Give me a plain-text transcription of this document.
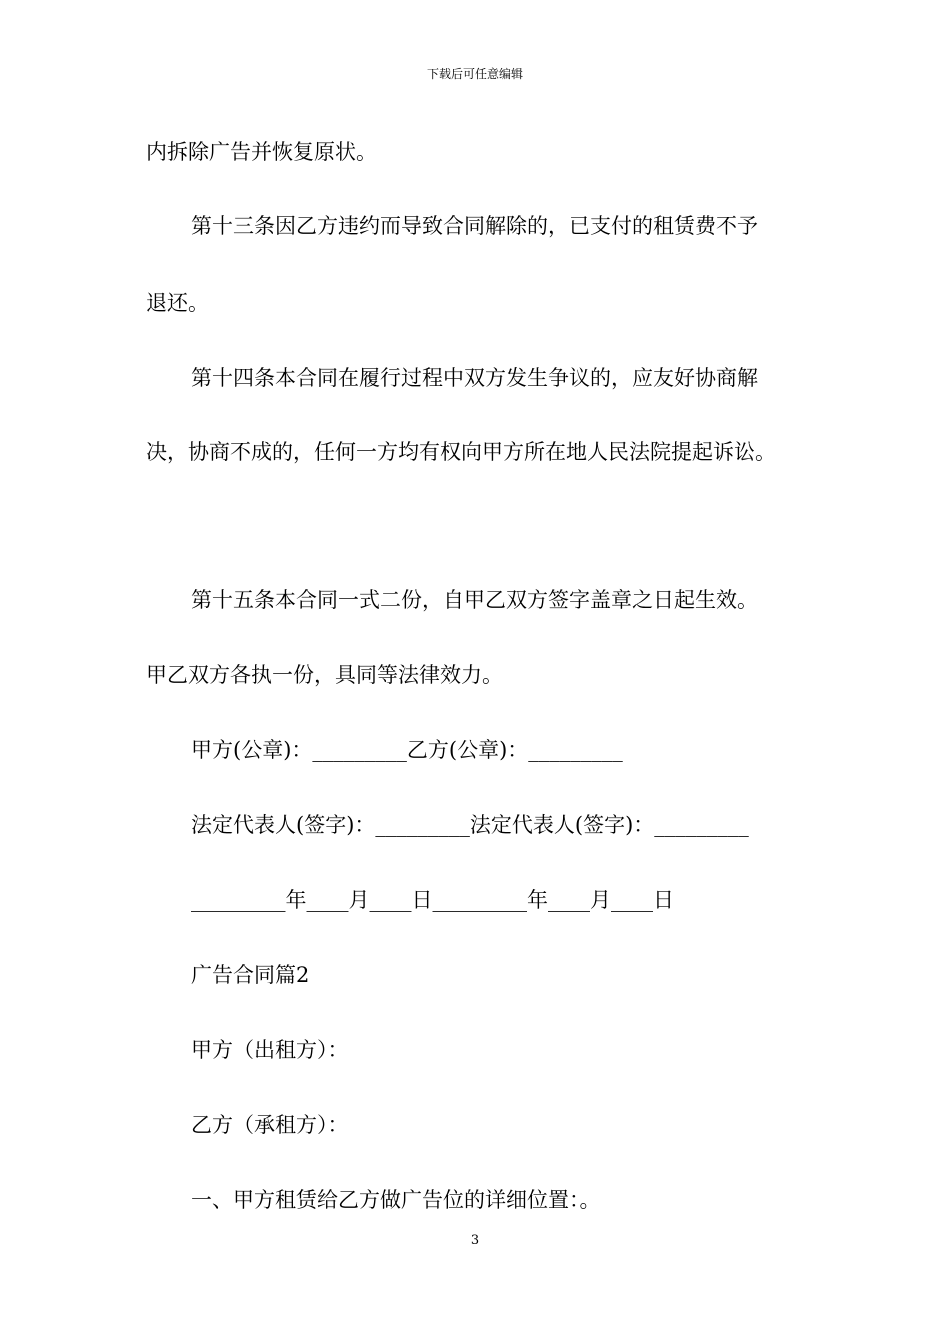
下载后可任意编辑
内拆除广告并恢复原状。
第十三条因乙方违约而导致合同解除的，已支付的租赁费不予
退还。
第十四条本合同在履行过程中双方发生争议的，应友好协商解
决，协商不成的，任何一方均有权向甲方所在地人民法院提起诉讼。
第十五条本合同一式二份，自甲乙双方签字盖章之日起生效。
甲乙双方各执一份，具同等法律效力。
甲方(公章)：_________乙方(公章)：_________
法定代表人(签字)：_________法定代表人(签字)：_________
_________年____月____日_________年____月____日
广告合同篇2
甲方（出租方）：
乙方（承租方）：
一、甲方租赁给乙方做广告位的详细位置：。
3
